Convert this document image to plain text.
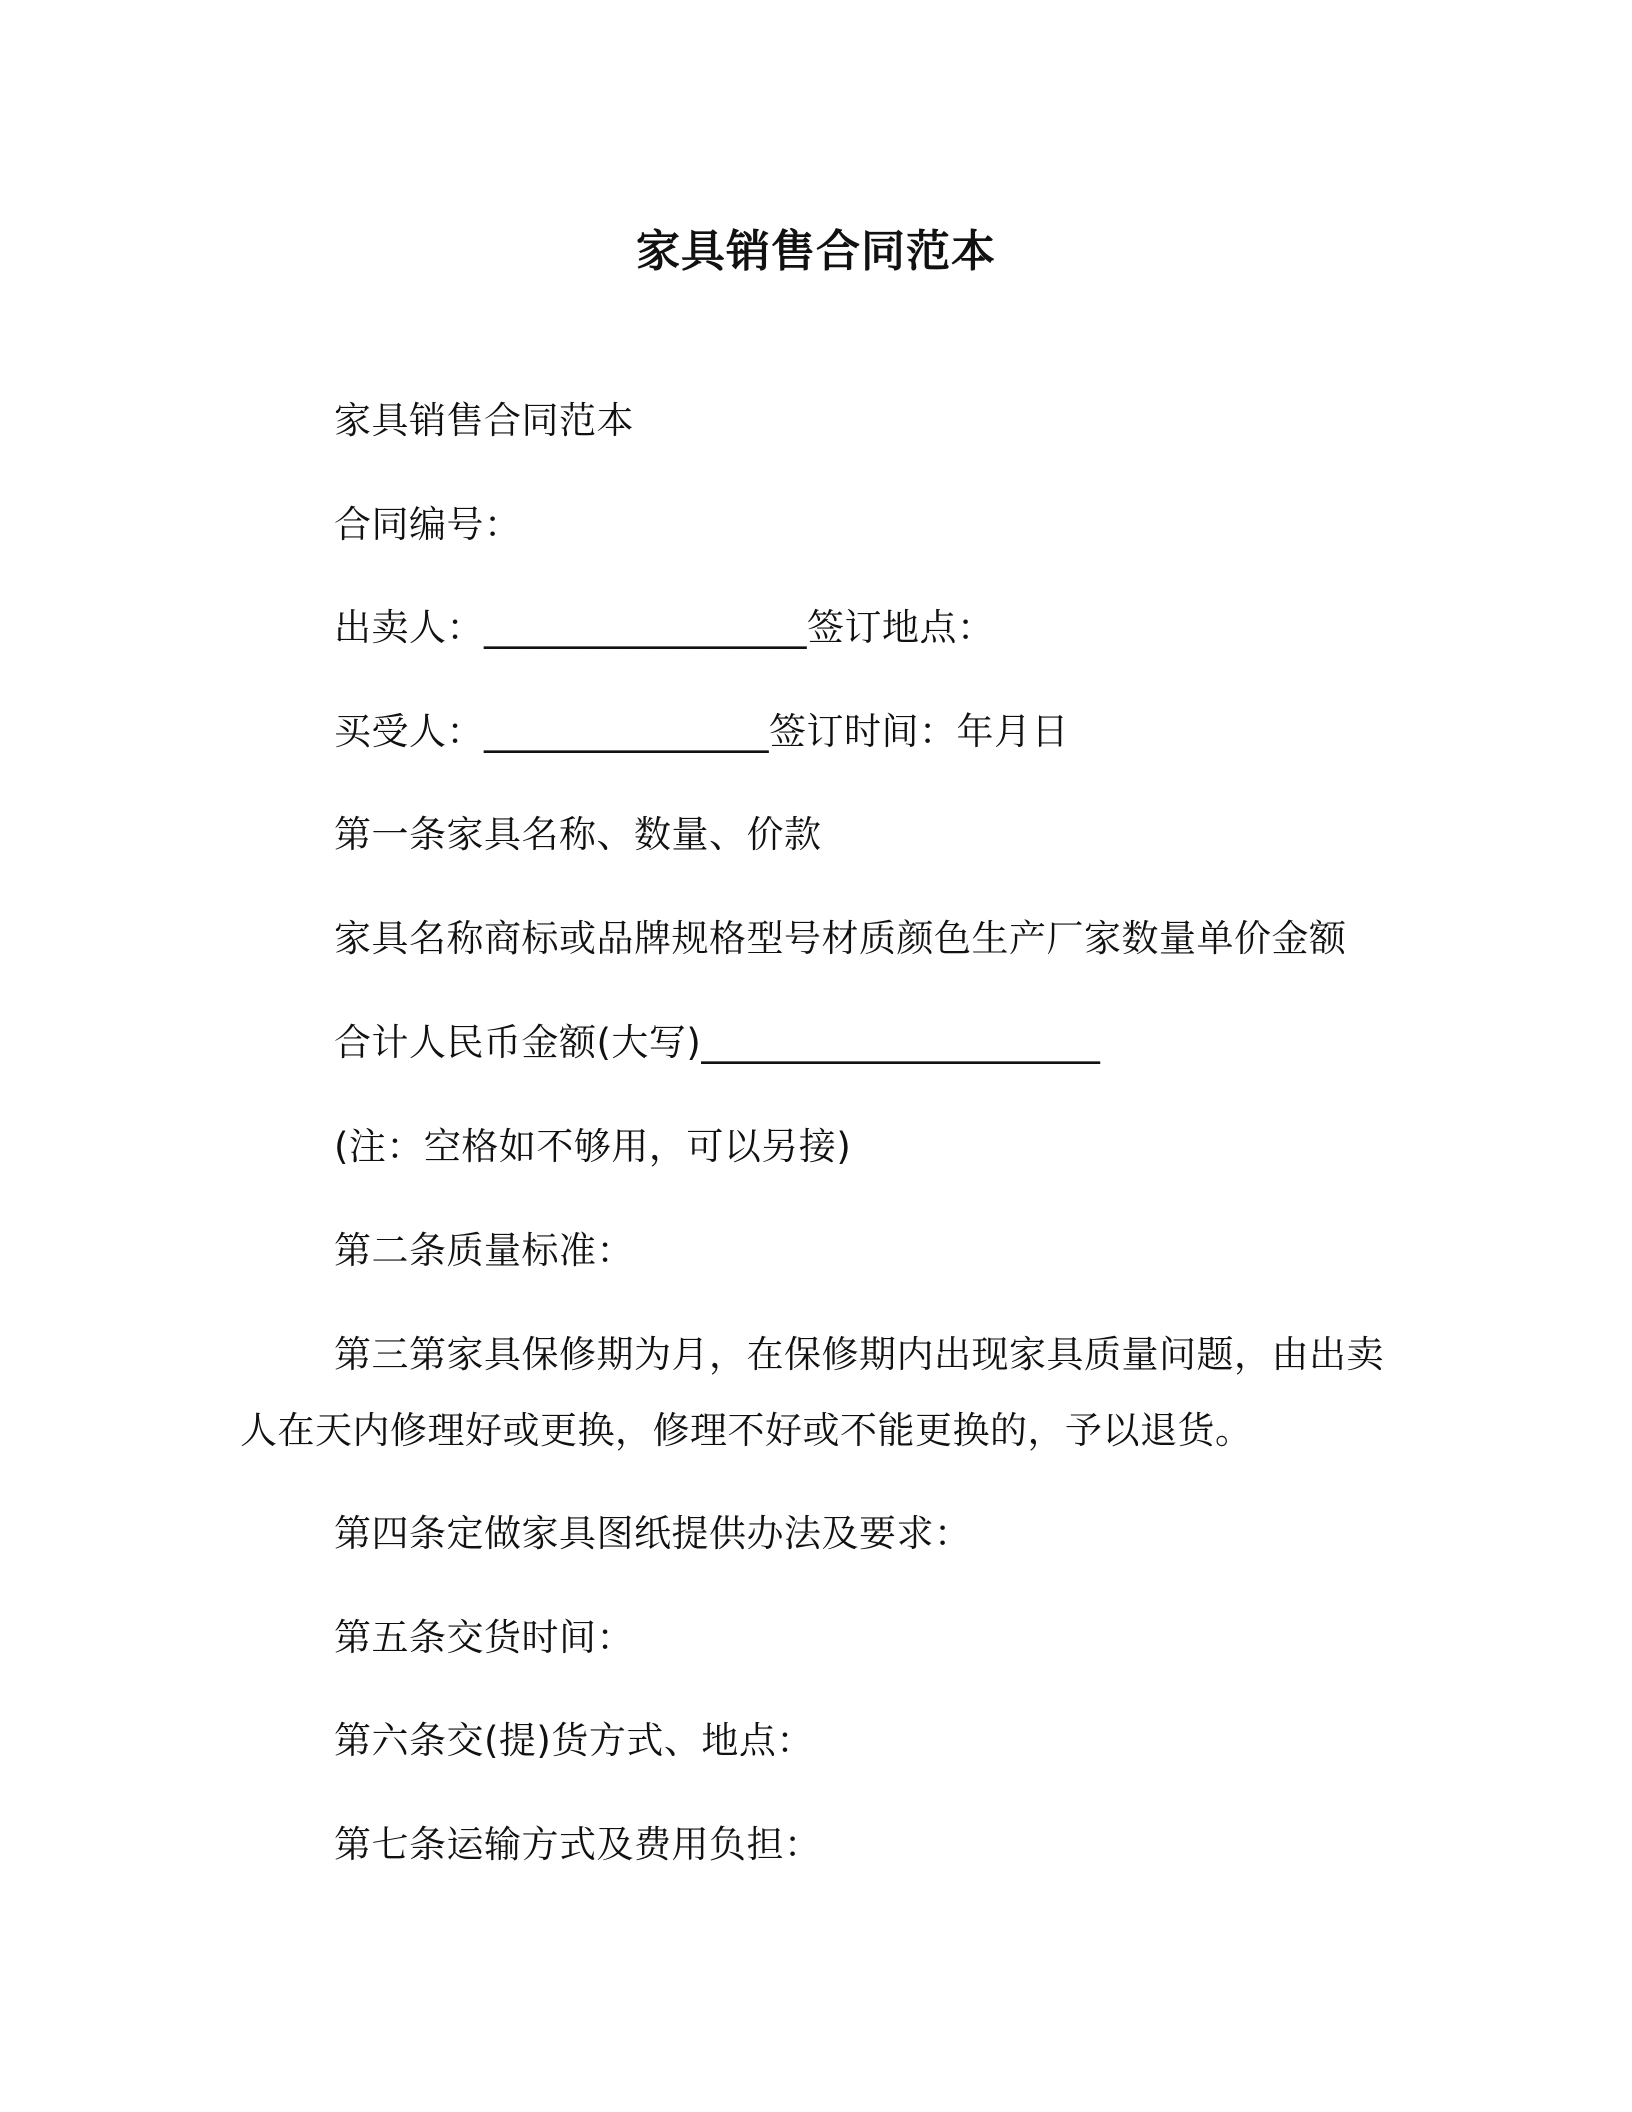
家具销售合同范本
家具销售合同范本
合同编号：
出卖人：_________________签订地点：
买受人：_______________签订时间：年月日
第一条家具名称、数量、价款
家具名称商标或品牌规格型号材质颜色生产厂家数量单价金额
合计人民币金额(大写)_____________________
(注：空格如不够用，可以另接)
第二条质量标准：
第三第家具保修期为月，在保修期内出现家具质量问题，由出卖
人在天内修理好或更换，修理不好或不能更换的，予以退货。
第四条定做家具图纸提供办法及要求：
第五条交货时间：
第六条交(提)货方式、地点：
第七条运输方式及费用负担：
